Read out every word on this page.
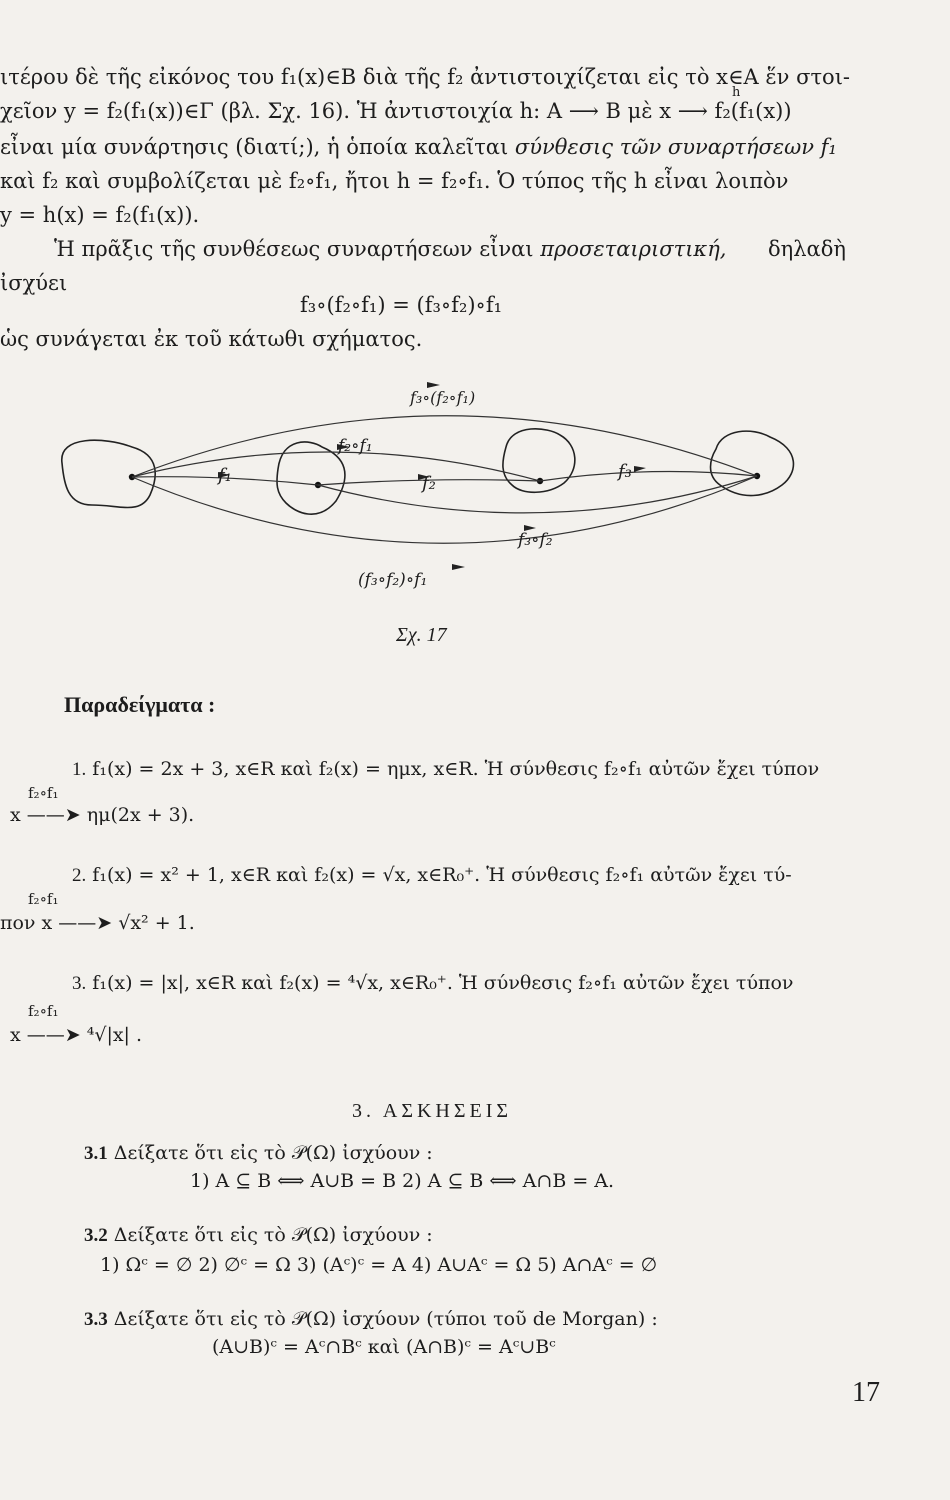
ιτέρου δὲ τῆς εἰκόνος του f₁(x)∈B διὰ τῆς f₂ ἀντιστοιχίζεται εἰς τὸ x∈A ἕν στοι-
χεῖον y = f₂(f₁(x))∈Γ (βλ. Σχ. 16). Ἡ ἀντιστοιχία h: A ⟶ B μὲ x ⟶ f₂(f₁(x))
h
εἶναι μία συνάρτησις (διατί;), ἡ ὁποία καλεῖται σύνθεσις τῶν συναρτήσεων f₁
καὶ f₂ καὶ συμβολίζεται μὲ f₂∘f₁, ἤτοι h = f₂∘f₁. Ὁ τύπος τῆς h εἶναι λοιπὸν
y = h(x) = f₂(f₁(x)).
Ἡ πρᾶξις τῆς συνθέσεως συναρτήσεων εἶναι προσεταιριστική, δηλαδὴ
ἰσχύει
f₃∘(f₂∘f₁) = (f₃∘f₂)∘f₁
ὡς συνάγεται ἐκ τοῦ κάτωθι σχήματος.
f₃∘(f₂∘f₁)
f₂∘f₁
f₁	f₂
f₃
f₃∘f₂
(f₃∘f₂)∘f₁
Σχ. 17
Παραδείγματα :
1. f₁(x) = 2x + 3, x∈R καὶ f₂(x) = ημx, x∈R. Ἡ σύνθεσις f₂∘f₁ αὐτῶν ἔχει τύπον
f₂∘f₁
x ——➤ ημ(2x + 3).
2. f₁(x) = x² + 1, x∈R καὶ f₂(x) = √x, x∈R₀⁺. Ἡ σύνθεσις f₂∘f₁ αὐτῶν ἔχει τύ-
f₂∘f₁
πον x ——➤ √x² + 1.
3. f₁(x) = |x|, x∈R καὶ f₂(x) = ⁴√x, x∈R₀⁺. Ἡ σύνθεσις f₂∘f₁ αὐτῶν ἔχει τύπον
f₂∘f₁
x ——➤ ⁴√|x| .
3. ΑΣΚΗΣΕΙΣ
3.1 Δείξατε ὅτι εἰς τὸ 𝒫(Ω) ἰσχύουν :
1) A ⊆ B ⟺ A∪B = B 2) A ⊆ B ⟺ A∩B = A.
3.2 Δείξατε ὅτι εἰς τὸ 𝒫(Ω) ἰσχύουν :
1) Ωᶜ = ∅ 2) ∅ᶜ = Ω 3) (Aᶜ)ᶜ = A 4) A∪Aᶜ = Ω 5) A∩Aᶜ = ∅
3.3 Δείξατε ὅτι εἰς τὸ 𝒫(Ω) ἰσχύουν (τύποι τοῦ de Morgan) :
(A∪B)ᶜ = Aᶜ∩Bᶜ καὶ (A∩B)ᶜ = Aᶜ∪Bᶜ
17
